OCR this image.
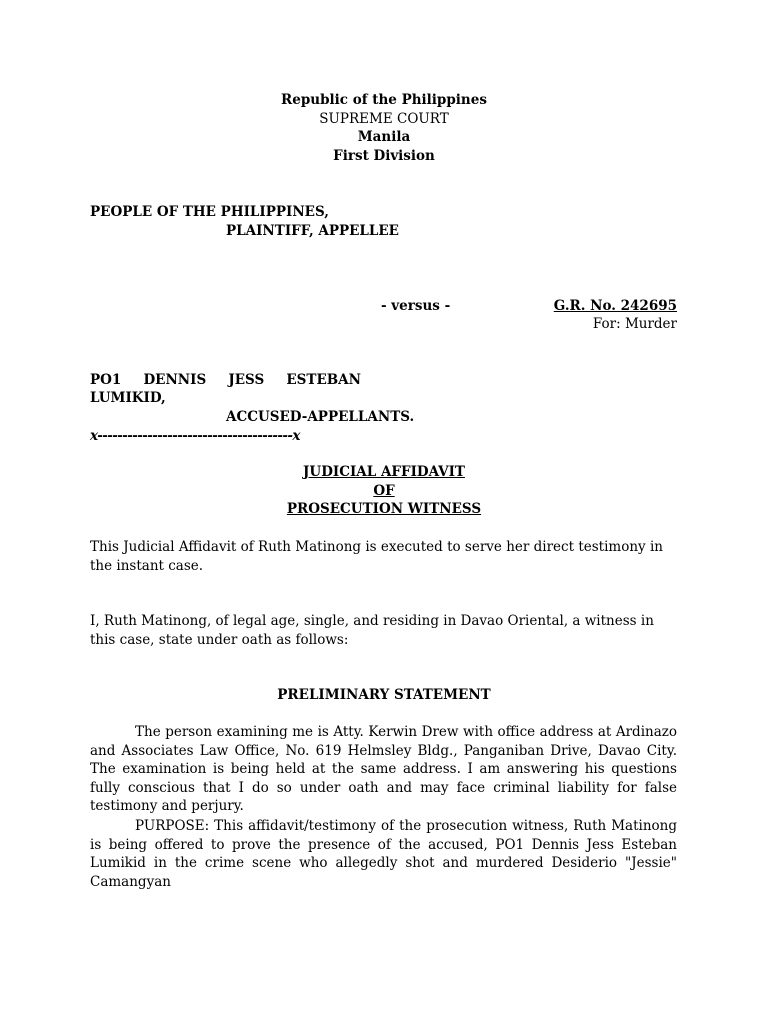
Republic of the Philippines
SUPREME COURT
Manila
First Division
PEOPLE OF THE PHILIPPINES,
PLAINTIFF, APPELLEE
- versus -	G.R. No. 242695
For: Murder
PO1 DENNIS JESS ESTEBAN
LUMIKID,
ACCUSED-APPELLANTS.
x---------------------------------------x
JUDICIAL AFFIDAVIT
OF
PROSECUTION WITNESS
This Judicial Affidavit of Ruth Matinong is executed to serve her direct testimony in the instant case.
I, Ruth Matinong, of legal age, single, and residing in Davao Oriental, a witness in this case, state under oath as follows:
PRELIMINARY STATEMENT
The person examining me is Atty. Kerwin Drew with office address at Ardinazo and Associates Law Office, No. 619 Helmsley Bldg., Panganiban Drive, Davao City. The examination is being held at the same address. I am answering his questions fully conscious that I do so under oath and may face criminal liability for false testimony and perjury.
PURPOSE: This affidavit/testimony of the prosecution witness, Ruth Matinong is being offered to prove the presence of the accused, PO1 Dennis Jess Esteban Lumikid in the crime scene who allegedly shot and murdered Desiderio "Jessie" Camangyan
